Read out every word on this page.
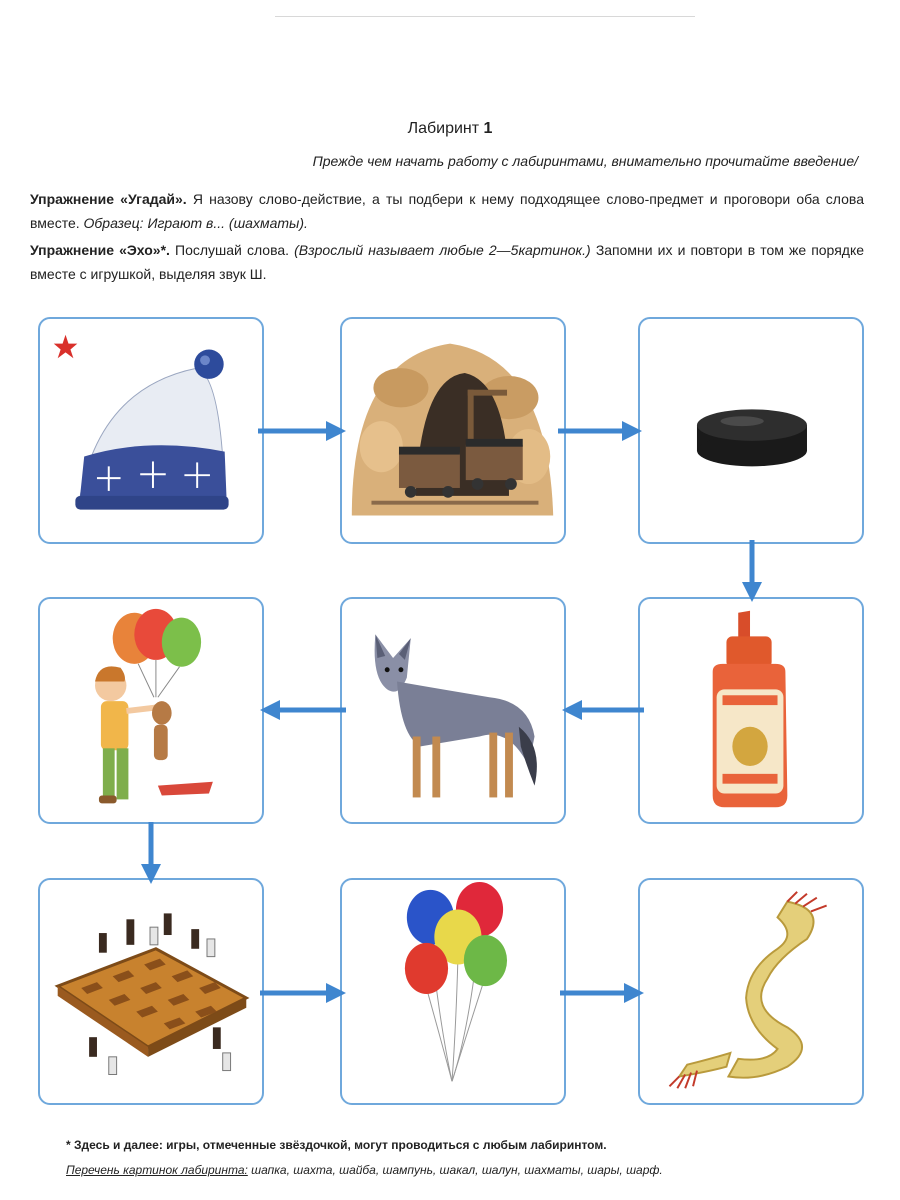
Лабиринт 1
Прежде чем начать работу с лабиринтами, внимательно прочитайте введение/
Упражнение «Угадай». Я назову слово-действие, а ты подбери к нему подходящее слово-предмет и проговори оба слова вместе. Образец: Играют в... (шахматы).
Упражнение «Эхо»*. Послушай слова. (Взрослый называет любые 2—5картинок.) Запомни их и повтори в том же порядке вместе с игрушкой, выделяя звук Ш.
* Здесь и далее: игры, отмеченные звёздочкой, могут проводиться с любым лабиринтом.
Перечень картинок лабиринта: шапка, шахта, шайба, шампунь, шакал, шалун, шахматы, шары, шарф.
